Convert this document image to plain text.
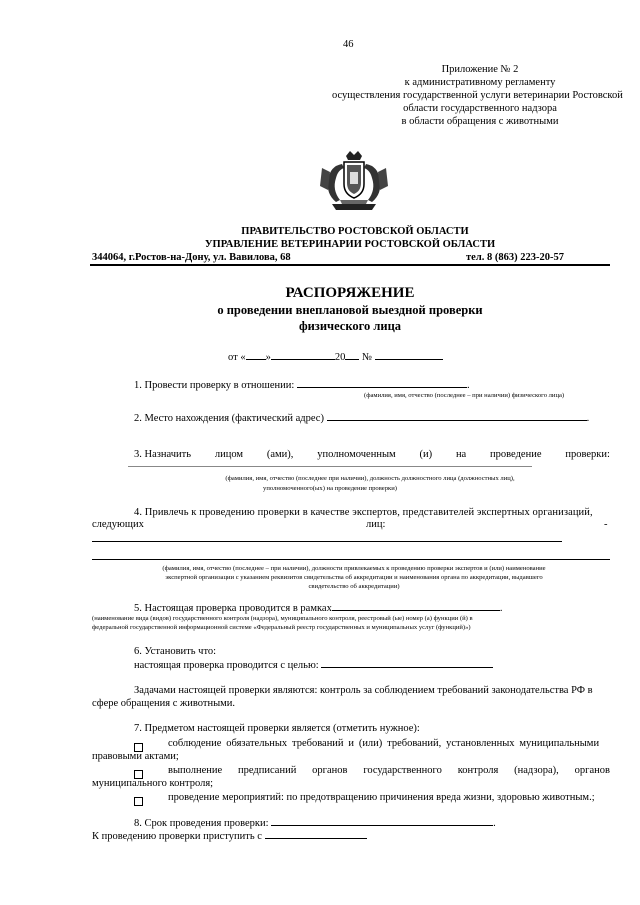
46
Приложение № 2
к административному регламенту
осуществления государственной услуги ветеринарии Ростовской
области государственного надзора
в области обращения с животными
ПРАВИТЕЛЬСТВО РОСТОВСКОЙ ОБЛАСТИ
УПРАВЛЕНИЕ ВЕТЕРИНАРИИ РОСТОВСКОЙ ОБЛАСТИ
344064, г.Ростов-на-Дону, ул. Вавилова, 68	тел. 8 (863) 223-20-57
РАСПОРЯЖЕНИЕ
о проведении внеплановой выездной проверки
физического лица
от « »	20 №
1. Провести проверку в отношении:	.
(фамилия, имя, отчество (последнее – при наличии) физического лица)
2. Место нахождения (фактический адрес)	.
3. Назначить лицом (ами), уполномоченным (и) на проведение проверки:
(фамилия, имя, отчество (последнее при наличии), должность должностного лица (должностных лиц),
уполномоченного(ых) на проведение проверки)
4. Привлечь к проведению проверки в качестве экспертов, представителей экспертных организаций,
следующих	лиц:	-
(фамилия, имя, отчество (последнее – при наличии), должности привлекаемых к проведению проверки экспертов и (или) наименование
экспертной организации с указанием реквизитов свидетельства об аккредитации и наименования органа по аккредитации, выдавшего
свидетельство об аккредитации)
5. Настоящая проверка проводится в рамках	.
(наименование вида (видов) государственного контроля (надзора), муниципального контроля, реестровый (ые) номер (а) функции (й) в
федеральной государственной информационной системе «Федеральный реестр государственных и муниципальных услуг (функций)»)
6. Установить что:
настоящая проверка проводится с целью:
Задачами настоящей проверки являются: контроль за соблюдением требований законодательства РФ в
сфере обращения с животными.
7. Предметом настоящей проверки является (отметить нужное):
соблюдение обязательных требований и (или) требований, установленных муниципальными
правовыми актами;
выполнение предписаний органов государственного контроля (надзора), органов
муниципального контроля;
проведение мероприятий: по предотвращению причинения вреда жизни, здоровью животным.;
8. Срок проведения проверки:	.
К проведению проверки приступить с
